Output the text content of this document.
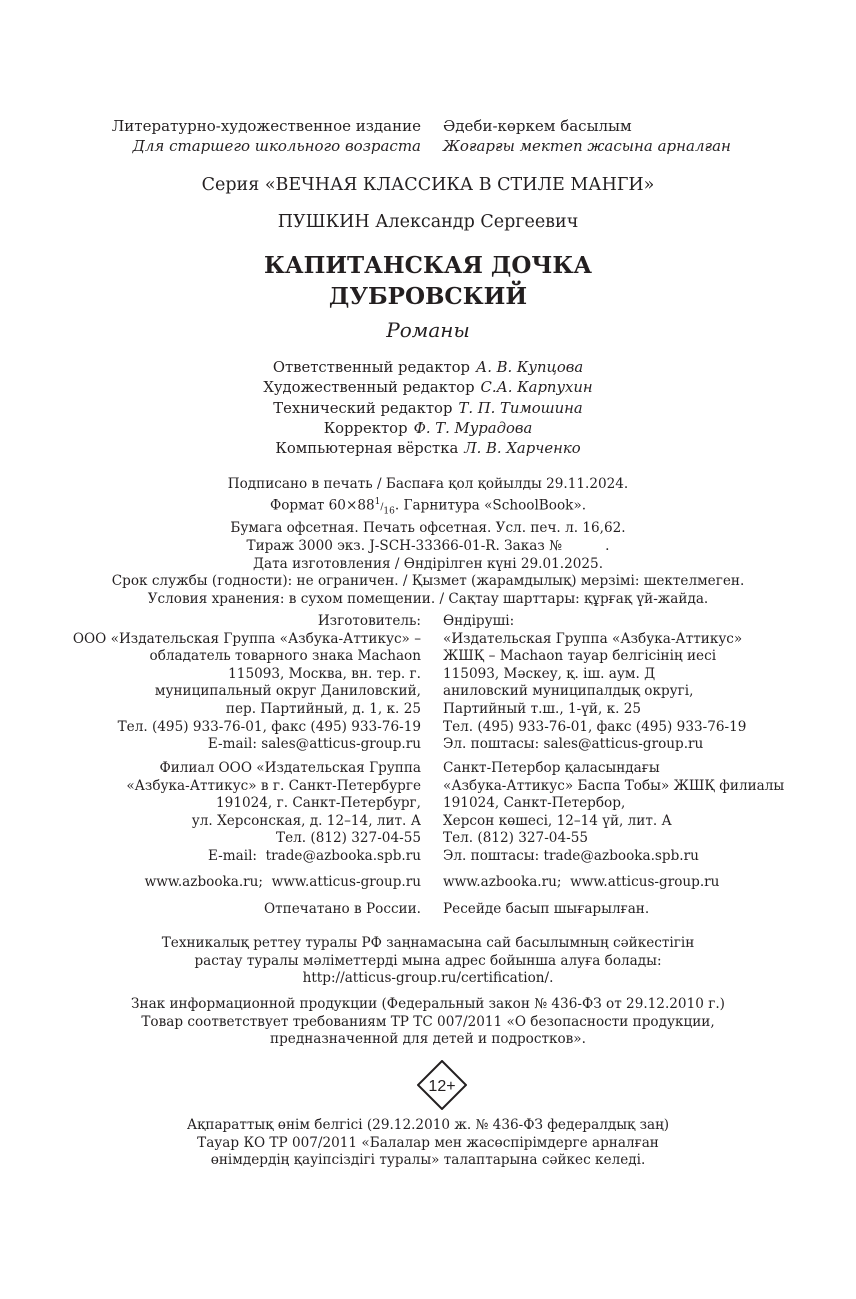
Литературно-художественное издание
Для старшего школьного возраста
Әдеби-көркем басылым
Жоғарғы мектеп жасына арналған
Серия «ВЕЧНАЯ КЛАССИКА В СТИЛЕ МАНГИ»
ПУШКИН Александр Сергеевич
КАПИТАНСКАЯ ДОЧКА
ДУБРОВСКИЙ
Романы
Ответственный редактор А. В. Купцова
Художественный редактор С.А. Карпухин
Технический редактор Т. П. Тимошина
Корректор Ф. Т. Мурадова
Компьютерная вёрстка Л. В. Харченко
Подписано в печать / Баспаға қол қойылды 29.11.2024.
Формат $60\times 88^1/_{16}$. Гарнитура «SchoolBook».
Бумага офсетная. Печать офсетная. Усл. печ. л. 16,62.
Тираж 3000 экз. J-SCH-33366-01-R. Заказ №          .
Дата изготовления / Өндірілген күні 29.01.2025.
Срок службы (годности): не ограничен. / Қызмет (жарамдылық) мерзімі: шектелмеген.
Условия хранения: в сухом помещении. / Сақтау шарттары: құрғақ үй-жайда.
Изготовитель:
ООО «Издательская Группа «Азбука-Аттикус» –
обладатель товарного знака Machaon
115093, Москва, вн. тер. г.
муниципальный округ Даниловский,
пер. Партийный, д. 1, к. 25
Тел. (495) 933-76-01, факс (495) 933-76-19
E-mail: sales@atticus-group.ru
Өндіруші:
«Издательская Группа «Азбука-Аттикус»
ЖШҚ – Machaon тауар белгісінің иесі
115093, Мәскеу, қ. іш. аум. Д
аниловский муниципалдық округі,
Партийный т.ш., 1-үй, к. 25
Тел. (495) 933-76-01, факс (495) 933-76-19
Эл. поштасы: sales@atticus-group.ru
Филиал ООО «Издательская Группа
«Азбука-Аттикус» в г. Санкт-Петербурге
191024, г. Санкт-Петербург,
ул. Херсонская, д. 12–14, лит. А
Тел. (812) 327-04-55
E-mail:  trade@azbooka.spb.ru
Санкт-Петербор қаласындағы
«Азбука-Аттикус» Баспа Тобы» ЖШҚ филиалы
191024, Санкт-Петербор,
Херсон көшесі, 12–14 үй, лит. А
Тел. (812) 327-04-55
Эл. поштасы: trade@azbooka.spb.ru
www.azbooka.ru;  www.atticus-group.ru	www.azbooka.ru;  www.atticus-group.ru
Отпечатано в России.	Ресейде басып шығарылған.
Техникалық реттеу туралы РФ заңнамасына сай басылымның сәйкестігін
растау туралы мәліметтерді мына адрес бойынша алуға болады:
http://atticus-group.ru/certification/.
Знак информационной продукции (Федеральный закон № 436-ФЗ от 29.12.2010 г.)
Товар соответствует требованиям ТР ТС 007/2011 «О безопасности продукции,
предназначенной для детей и подростков».
12+
Ақпараттық өнім белгісі (29.12.2010 ж. № 436-ФЗ федералдық заң)
Тауар КО ТР 007/2011 «Балалар мен жасөспірімдерге арналған
өнімдердің қауіпсіздігі туралы» талаптарына сәйкес келеді.
